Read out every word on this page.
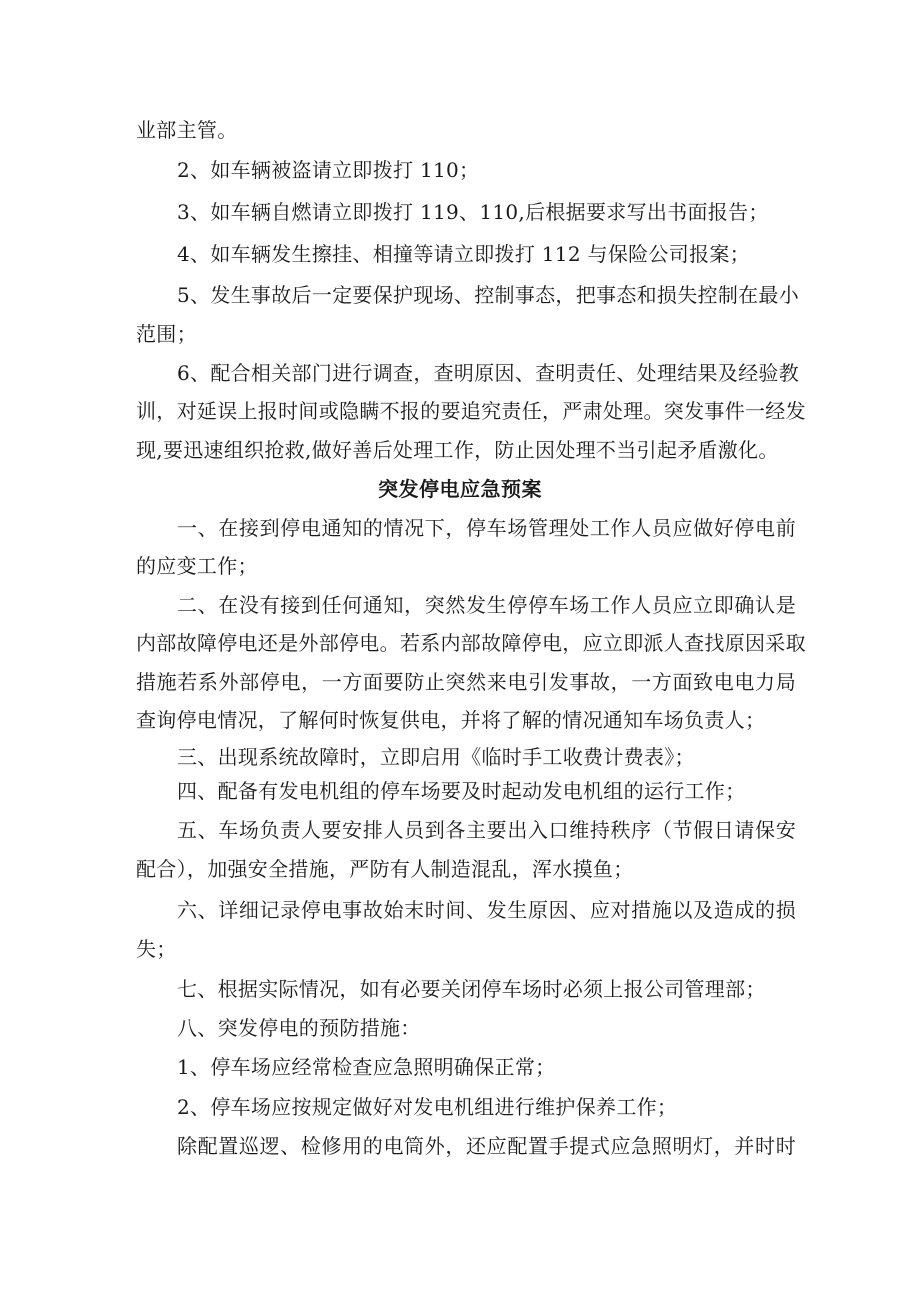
业部主管。
2、如车辆被盗请立即拨打 110；
3、如车辆自燃请立即拨打 119、110,后根据要求写出书面报告；
4、如车辆发生擦挂、相撞等请立即拨打 112 与保险公司报案；
5、发生事故后一定要保护现场、控制事态，把事态和损失控制在最小
范围；
6、配合相关部门进行调查，查明原因、查明责任、处理结果及经验教
训，对延误上报时间或隐瞒不报的要追究责任，严肃处理。突发事件一经发
现,要迅速组织抢救,做好善后处理工作，防止因处理不当引起矛盾激化。
突发停电应急预案
一、在接到停电通知的情况下，停车场管理处工作人员应做好停电前
的应变工作；
二、在没有接到任何通知，突然发生停停车场工作人员应立即确认是
内部故障停电还是外部停电。若系内部故障停电，应立即派人查找原因采取
措施若系外部停电，一方面要防止突然来电引发事故，一方面致电电力局
查询停电情况，了解何时恢复供电，并将了解的情况通知车场负责人；
三、出现系统故障时，立即启用《临时手工收费计费表》；
四、配备有发电机组的停车场要及时起动发电机组的运行工作；
五、车场负责人要安排人员到各主要出入口维持秩序（节假日请保安
配合），加强安全措施，严防有人制造混乱，浑水摸鱼；
六、详细记录停电事故始末时间、发生原因、应对措施以及造成的损
失；
七、根据实际情况，如有必要关闭停车场时必须上报公司管理部；
八、突发停电的预防措施：
1、停车场应经常检查应急照明确保正常；
2、停车场应按规定做好对发电机组进行维护保养工作；
除配置巡逻、检修用的电筒外，还应配置手提式应急照明灯，并时时
